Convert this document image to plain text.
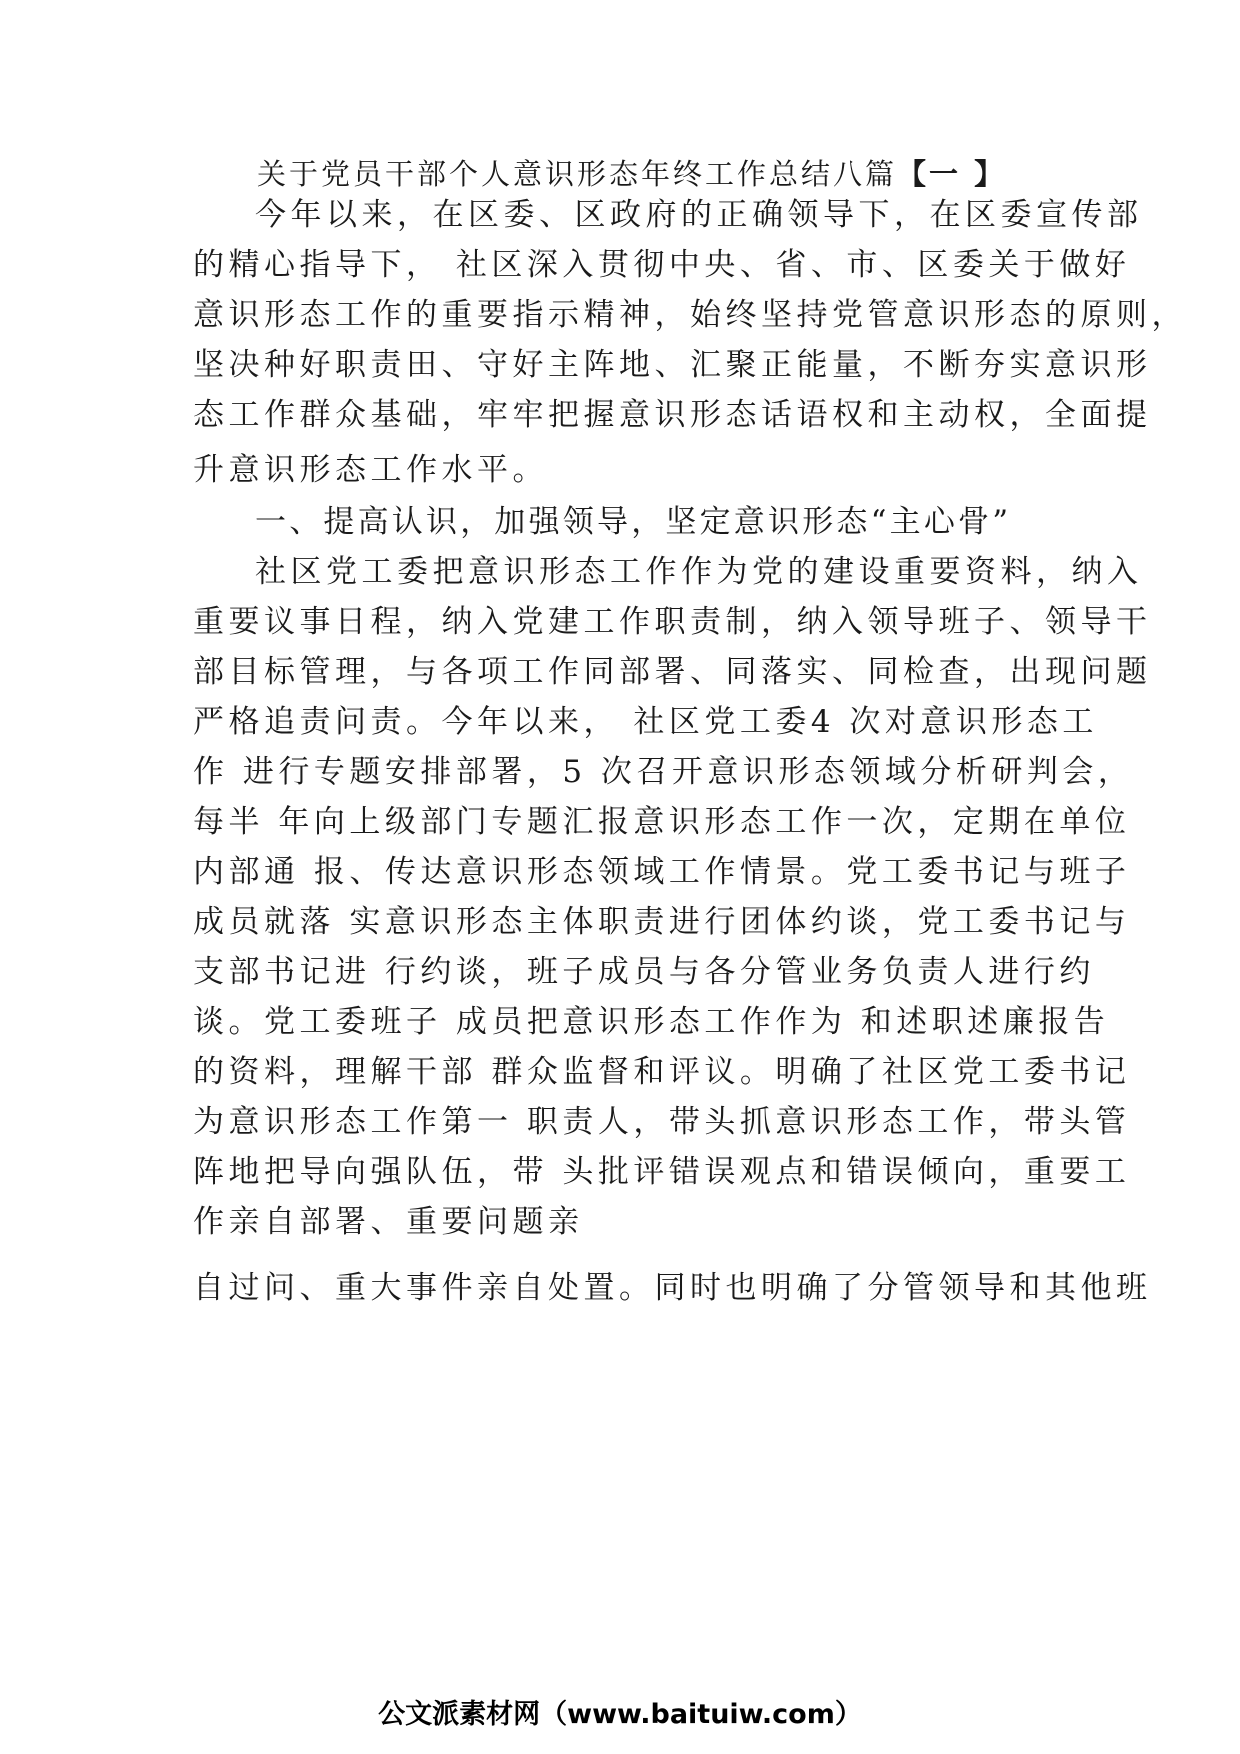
关于党员干部个人意识形态年终工作总结八篇【一 】
今年以来，在区委、区政府的正确领导下，在区委宣传部
的精心指导下， 社区深入贯彻中央、省、市、区委关于做好
意识形态工作的重要指示精神，始终坚持党管意识形态的原则，
坚决种好职责田、守好主阵地、汇聚正能量，不断夯实意识形
态工作群众基础，牢牢把握意识形态话语权和主动权，全面提
升意识形态工作水平。
一、提高认识，加强领导，坚定意识形态“主心骨”
社区党工委把意识形态工作作为党的建设重要资料，纳入
重要议事日程，纳入党建工作职责制，纳入领导班子、领导干
部目标管理，与各项工作同部署、同落实、同检查，出现问题
严格追责问责。今年以来， 社区党工委4 次对意识形态工
作 进行专题安排部署，5 次召开意识形态领域分析研判会，
每半 年向上级部门专题汇报意识形态工作一次，定期在单位
内部通 报、传达意识形态领域工作情景。党工委书记与班子
成员就落 实意识形态主体职责进行团体约谈，党工委书记与
支部书记进 行约谈，班子成员与各分管业务负责人进行约
谈。党工委班子 成员把意识形态工作作为 和述职述廉报告
的资料，理解干部 群众监督和评议。明确了社区党工委书记
为意识形态工作第一 职责人，带头抓意识形态工作，带头管
阵地把导向强队伍，带 头批评错误观点和错误倾向，重要工
作亲自部署、重要问题亲
自过问、重大事件亲自处置。同时也明确了分管领导和其他班
公文派素材网（www.baituiw.com）
